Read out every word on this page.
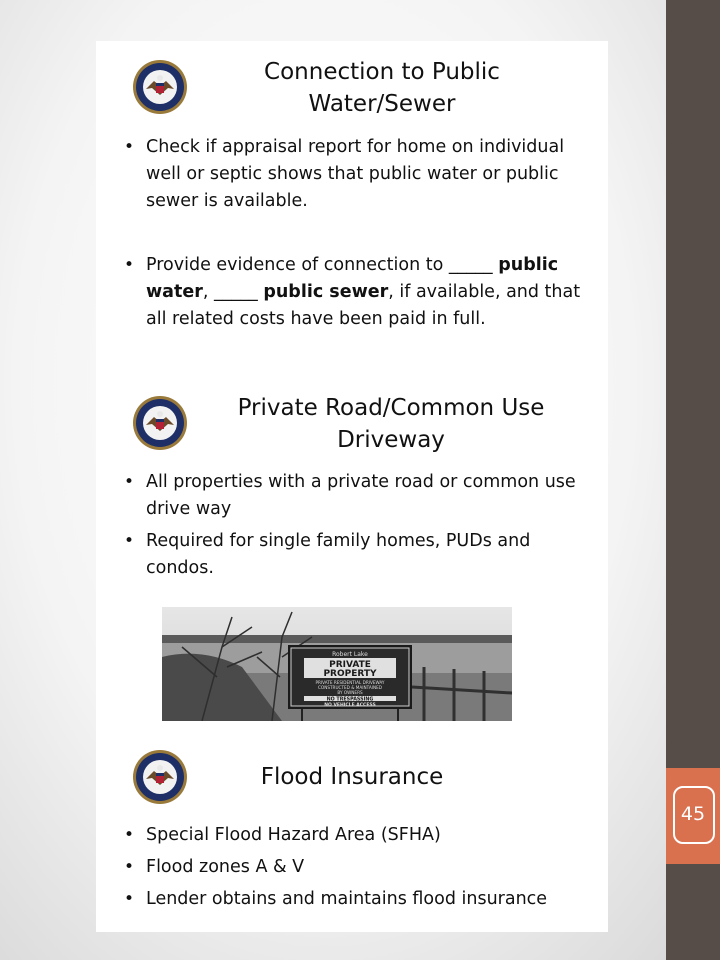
45
Connection to Public
Water/Sewer
• Check if appraisal report for home on individual well or septic shows that public water or public sewer is available.
• Provide evidence of connection to _____ public water, _____ public sewer, if available, and that all related costs have been paid in full.
Private Road/Common Use
Driveway
• All properties with a private road or common use drive way
• Required for single family homes, PUDs and condos.
Robert Lake
PRIVATE
PROPERTY
PRIVATE RESIDENTIAL DRIVEWAY
CONSTRUCTED & MAINTAINED
BY OWNERS
NO TRESPASSING
NO VEHICLE ACCESS
Flood Insurance
• Special Flood Hazard Area (SFHA)
• Flood zones A & V
• Lender obtains and maintains flood insurance
